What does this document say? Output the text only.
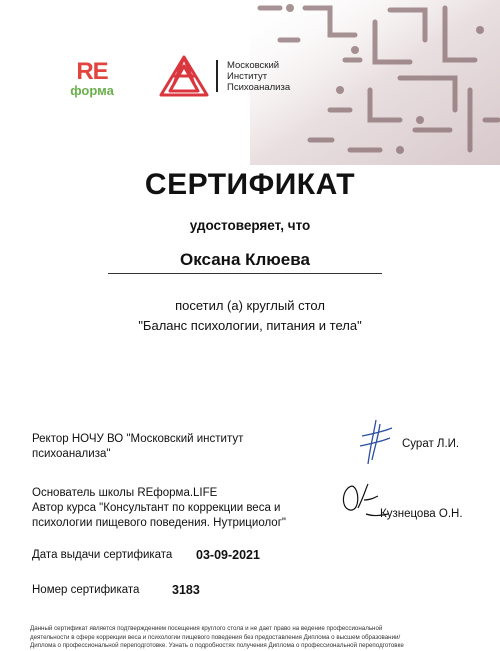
RE
форма
Московский
Институт
Психоанализа
СЕРТИФИКАТ
удостоверяет, что
Оксана Клюева
посетил (а) круглый стол
"Баланс психологии, питания и тела"
Ректор НОЧУ ВО "Московский институт
психоанализа"
Сурат Л.И.
Основатель школы REформа.LIFE
Автор курса "Консультант по коррекции веса и
психологии пищевого поведения. Нутрициолог"
Кузнецова О.Н.
Дата выдачи сертификата 03-09-2021
Номер сертификата	3183
Данный сертификат является подтверждением посещения круглого стола и не дает право на ведение профессиональной
деятельности в сфере коррекции веса и психологии пищевого поведения без предоставления Диплома о высшем образовании/
Диплома о профессиональной переподготовке. Узнать о подробностях получения Диплома о профессиональной переподготовке
